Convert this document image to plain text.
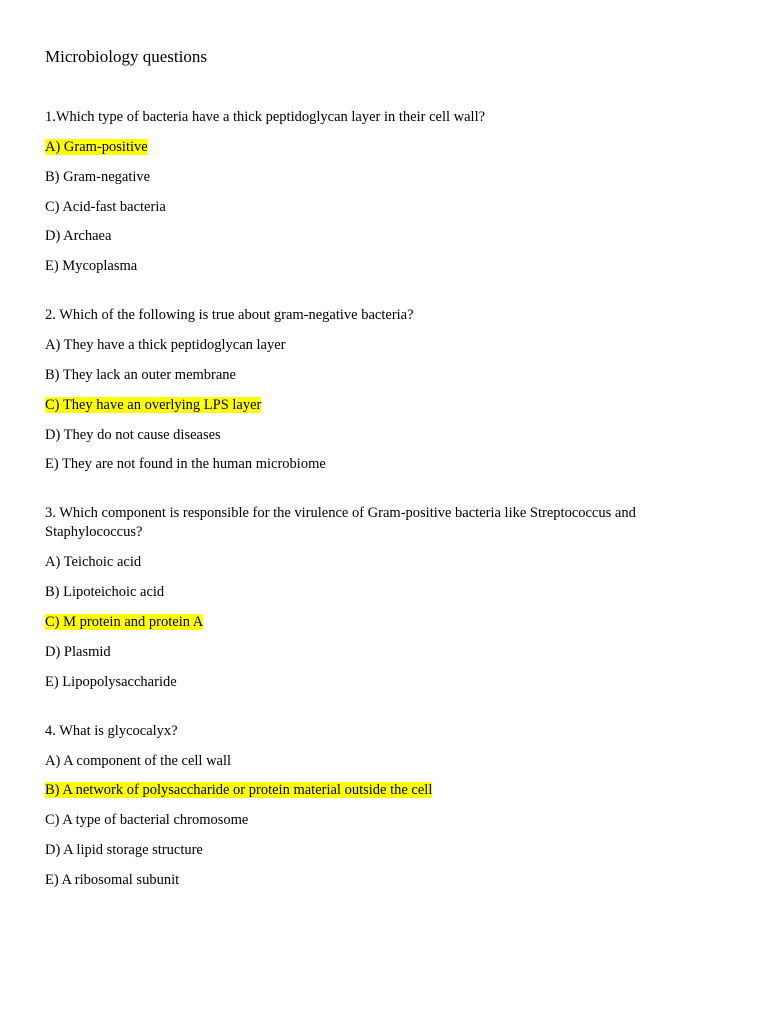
Microbiology questions
1.Which type of bacteria have a thick peptidoglycan layer in their cell wall?
A) Gram-positive
B) Gram-negative
C) Acid-fast bacteria
D) Archaea
E) Mycoplasma
2. Which of the following is true about gram-negative bacteria?
A) They have a thick peptidoglycan layer
B) They lack an outer membrane
C) They have an overlying LPS layer
D) They do not cause diseases
E) They are not found in the human microbiome
3. Which component is responsible for the virulence of Gram-positive bacteria like Streptococcus and Staphylococcus?
A) Teichoic acid
B) Lipoteichoic acid
C) M protein and protein A
D) Plasmid
E) Lipopolysaccharide
4. What is glycocalyx?
A) A component of the cell wall
B) A network of polysaccharide or protein material outside the cell
C) A type of bacterial chromosome
D) A lipid storage structure
E) A ribosomal subunit
